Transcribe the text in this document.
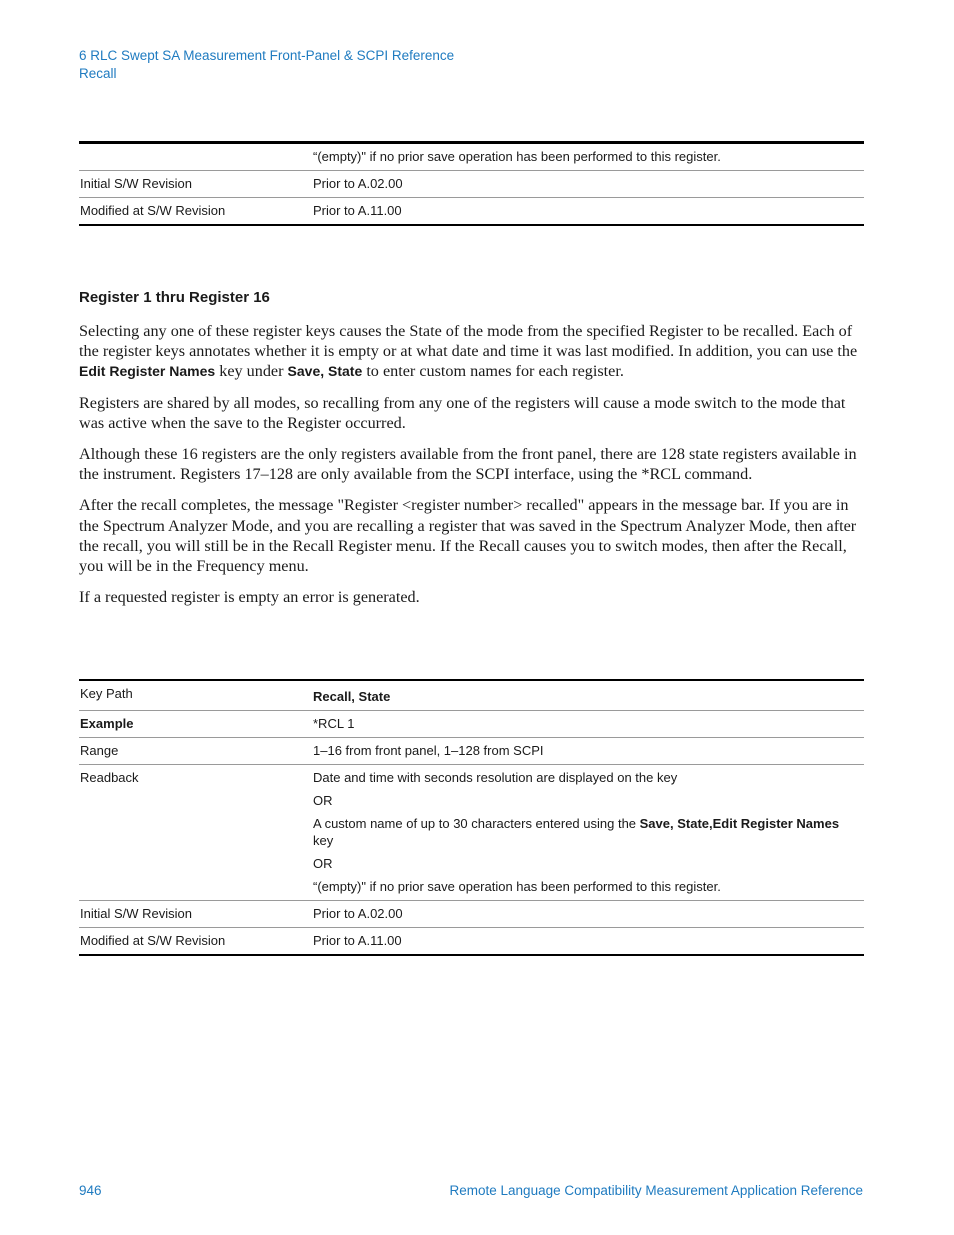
6 RLC Swept SA Measurement Front-Panel & SCPI Reference
Recall
	“(empty)" if no prior save operation has been performed to this register.
Initial S/W Revision	Prior to A.02.00
Modified at S/W Revision	Prior to A.11.00
Register 1 thru Register 16

Selecting any one of these register keys causes the State of the mode from the specified Register to be recalled. Each of the register keys annotates whether it is empty or at what date and time it was last modified. In addition, you can use the Edit Register Names key under Save, State to enter custom names for each register.

Registers are shared by all modes, so recalling from any one of the registers will cause a mode switch to the mode that was active when the save to the Register occurred.

Although these 16 registers are the only registers available from the front panel, there are 128 state registers available in the instrument. Registers 17–128 are only available from the SCPI interface, using the *RCL command.

After the recall completes, the message "Register <register number> recalled" appears in the message bar. If you are in the Spectrum Analyzer Mode, and you are recalling a register that was saved in the Spectrum Analyzer Mode, then after the recall, you will still be in the Recall Register menu. If the Recall causes you to switch modes, then after the Recall, you will be in the Frequency menu.

If a requested register is empty an error is generated.

Key Path	Recall, State
Example	*RCL 1
Range	1–16 from front panel, 1–128 from SCPI
Readback	Date and time with seconds resolution are displayed on the key
OR
A custom name of up to 30 characters entered using the Save, State,Edit Register Names key
OR
“(empty)" if no prior save operation has been performed to this register.

Initial S/W Revision	Prior to A.02.00
Modified at S/W Revision	Prior to A.11.00
946	Remote Language Compatibility Measurement Application Reference
